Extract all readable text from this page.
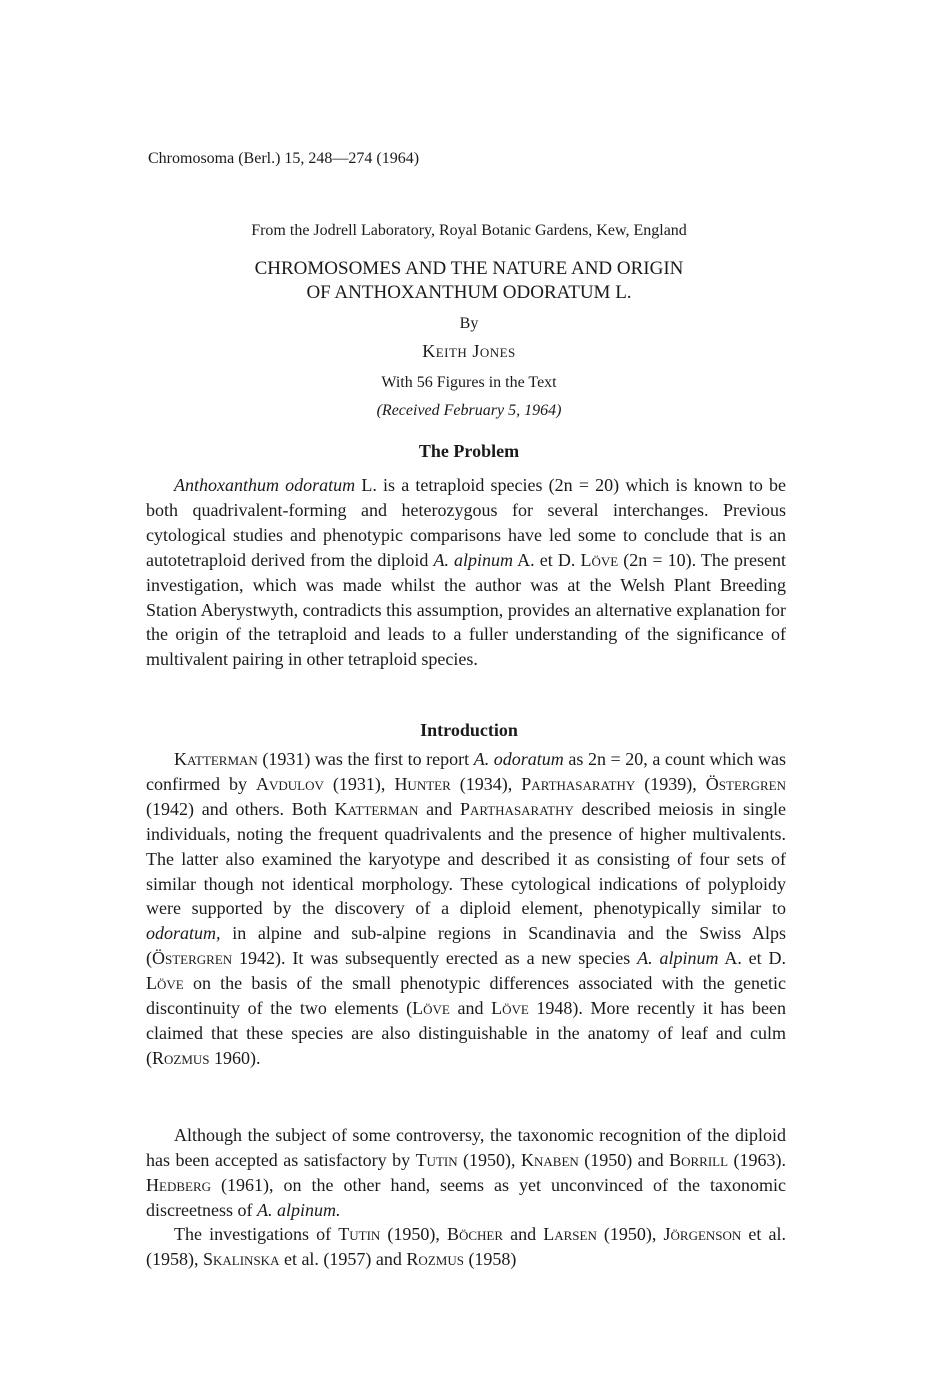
Chromosoma (Berl.) 15, 248—274 (1964)
From the Jodrell Laboratory, Royal Botanic Gardens, Kew, England
CHROMOSOMES AND THE NATURE AND ORIGIN
OF ANTHOXANTHUM ODORATUM L.
By
Keith Jones
With 56 Figures in the Text
(Received February 5, 1964)
The Problem

Anthoxanthum odoratum L. is a tetraploid species (2n = 20) which is known to be both quadrivalent-forming and heterozygous for several interchanges. Previous cytological studies and phenotypic comparisons have led some to conclude that is an autotetraploid derived from the diploid A. alpinum A. et D. Löve (2n = 10). The present investigation, which was made whilst the author was at the Welsh Plant Breeding Station Aberystwyth, contradicts this assumption, provides an alternative explanation for the origin of the tetraploid and leads to a fuller understanding of the significance of multivalent pairing in other tetraploid species.

Introduction

Katterman (1931) was the first to report A. odoratum as 2n = 20, a count which was confirmed by Avdulov (1931), Hunter (1934), Parthasarathy (1939), Östergren (1942) and others. Both Katterman and Parthasarathy described meiosis in single individuals, noting the frequent quadrivalents and the presence of higher multivalents. The latter also examined the karyotype and described it as consisting of four sets of similar though not identical morphology. These cytological indications of polyploidy were supported by the discovery of a diploid element, phenotypically similar to odoratum, in alpine and sub-alpine regions in Scandinavia and the Swiss Alps (Östergren 1942). It was subsequently erected as a new species A. alpinum A. et D. Löve on the basis of the small phenotypic differences associated with the genetic discontinuity of the two elements (Löve and Löve 1948). More recently it has been claimed that these species are also distinguishable in the anatomy of leaf and culm (Rozmus 1960).

Although the subject of some controversy, the taxonomic recognition of the diploid has been accepted as satisfactory by Tutin (1950), Knaben (1950) and Borrill (1963). Hedberg (1961), on the other hand, seems as yet unconvinced of the taxonomic discreetness of A. alpinum.

The investigations of Tutin (1950), Böcher and Larsen (1950), Jörgenson et al. (1958), Skalinska et al. (1957) and Rozmus (1958)
